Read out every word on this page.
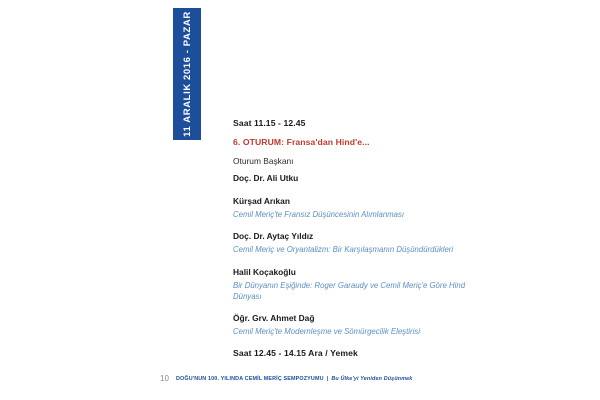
11 ARALIK 2016 - PAZAR	Saat 11.15 - 12.45
6. OTURUM: Fransa'dan Hind'e...
Oturum Başkanı
Doç. Dr. Ali Utku
Kürşad Arıkan
Cemil Meriç'te Fransız Düşüncesinin Alımlanması
Doç. Dr. Aytaç Yıldız
Cemil Meriç ve Oryantalizm: Bir Karşılaşmanın Düşündürdükleri
Halil Koçakoğlu
Bir Dünyanın Eşiğinde: Roger Garaudy ve Cemil Meriç'e Göre Hind Dünyası
Öğr. Grv. Ahmet Dağ
Cemil Meriç'te Modernleşme ve Sömürgecilik Eleştirisi
Saat 12.45 - 14.15 Ara / Yemek
10	DOĞU'NUN 100. YILINDA CEMİL MERİÇ SEMPOZYUMU | Bu Ülke'yi Yeniden Düşünmek
